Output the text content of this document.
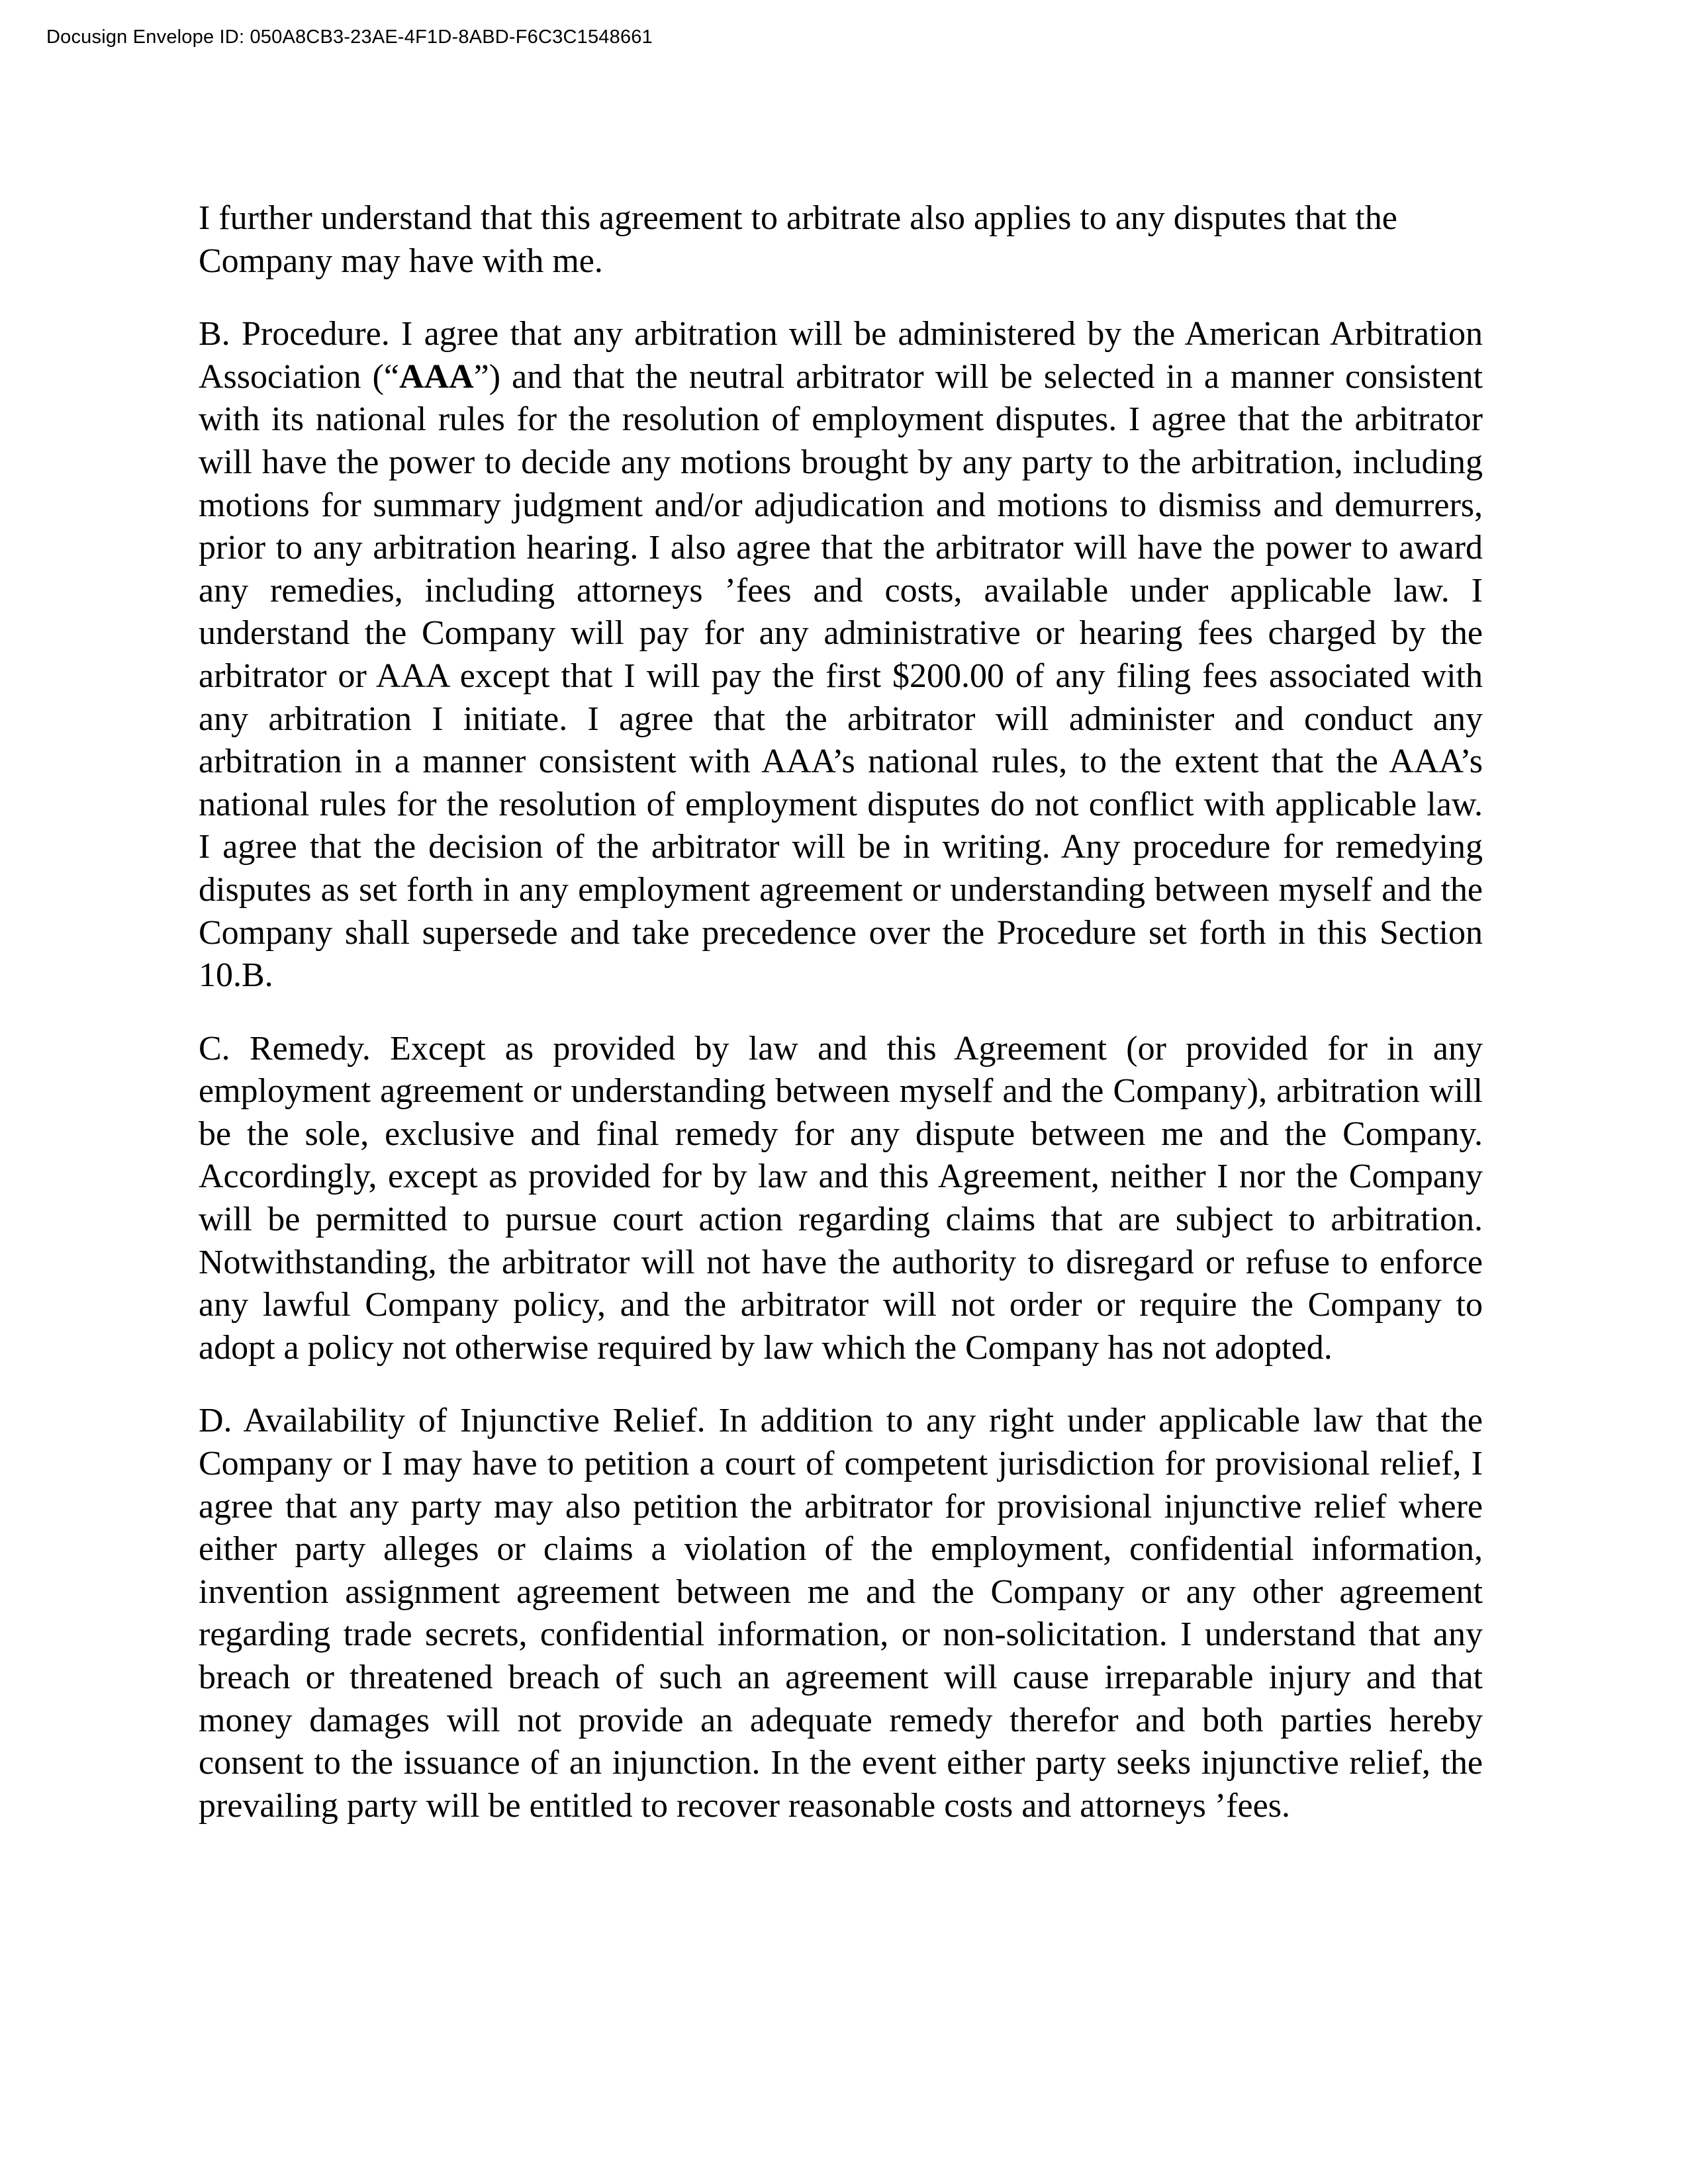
Docusign Envelope ID: 050A8CB3-23AE-4F1D-8ABD-F6C3C1548661

I further understand that this agreement to arbitrate also applies to any disputes that the Company may have with me.

B. Procedure. I agree that any arbitration will be administered by the American Arbitration Association (“AAA”) and that the neutral arbitrator will be selected in a manner consistent with its national rules for the resolution of employment disputes. I agree that the arbitrator will have the power to decide any motions brought by any party to the arbitration, including motions for summary judgment and/or adjudication and motions to dismiss and demurrers, prior to any arbitration hearing. I also agree that the arbitrator will have the power to award any remedies, including attorneys ’fees and costs, available under applicable law. I understand the Company will pay for any administrative or hearing fees charged by the arbitrator or AAA except that I will pay the first $200.00 of any filing fees associated with any arbitration I initiate. I agree that the arbitrator will administer and conduct any arbitration in a manner consistent with AAA’s national rules, to the extent that the AAA’s national rules for the resolution of employment disputes do not conflict with applicable law. I agree that the decision of the arbitrator will be in writing. Any procedure for remedying disputes as set forth in any employment agreement or understanding between myself and the Company shall supersede and take precedence over the Procedure set forth in this Section 10.B.

C. Remedy. Except as provided by law and this Agreement (or provided for in any employment agreement or understanding between myself and the Company), arbitration will be the sole, exclusive and final remedy for any dispute between me and the Company. Accordingly, except as provided for by law and this Agreement, neither I nor the Company will be permitted to pursue court action regarding claims that are subject to arbitration. Notwithstanding, the arbitrator will not have the authority to disregard or refuse to enforce any lawful Company policy, and the arbitrator will not order or require the Company to adopt a policy not otherwise required by law which the Company has not adopted.

D. Availability of Injunctive Relief. In addition to any right under applicable law that the Company or I may have to petition a court of competent jurisdiction for provisional relief, I agree that any party may also petition the arbitrator for provisional injunctive relief where either party alleges or claims a violation of the employment, confidential information, invention assignment agreement between me and the Company or any other agreement regarding trade secrets, confidential information, or non-solicitation. I understand that any breach or threatened breach of such an agreement will cause irreparable injury and that money damages will not provide an adequate remedy therefor and both parties hereby consent to the issuance of an injunction. In the event either party seeks injunctive relief, the prevailing party will be entitled to recover reasonable costs and attorneys ’fees.
